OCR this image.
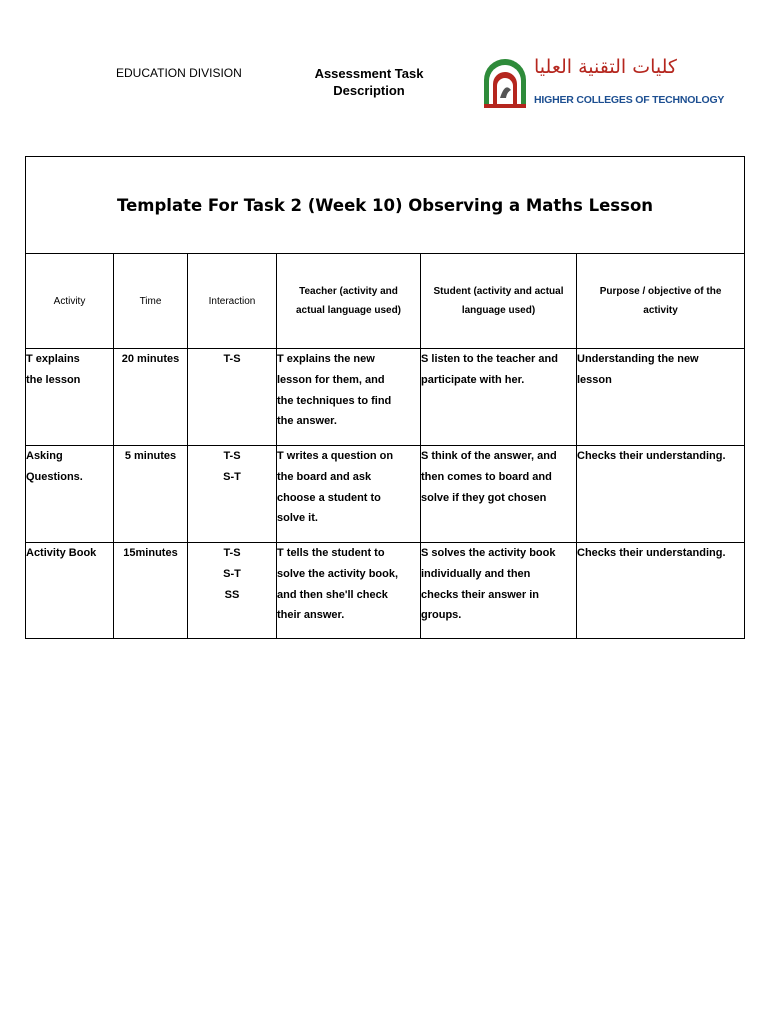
EDUCATION DIVISION	Assessment Task
Description
كليات التقنية العليا
HIGHER COLLEGES OF TECHNOLOGY
Template For Task 2 (Week 10) Observing a Maths Lesson					
Activity	Time	Interaction	Teacher (activity and
actual language used)	Student (activity and actual
language used)	Purpose / objective of the
activity

T explains
the lesson	20 minutes	T-S	T explains the new
lesson for them, and
the techniques to find
the answer.	S listen to the teacher and
participate with her.	Understanding the new
lesson

Asking
Questions.	5 minutes	T-S
S-T	T writes a question on
the board and ask
choose a student to
solve it.	S think of the answer, and
then comes to board and
solve if they got chosen	Checks their understanding.

Activity Book	15minutes	T-S
S-T
SS	T tells the student to
solve the activity book,
and then she'll check
their answer.	S solves the activity book
individually and then
checks their answer in
groups.	Checks their understanding.
